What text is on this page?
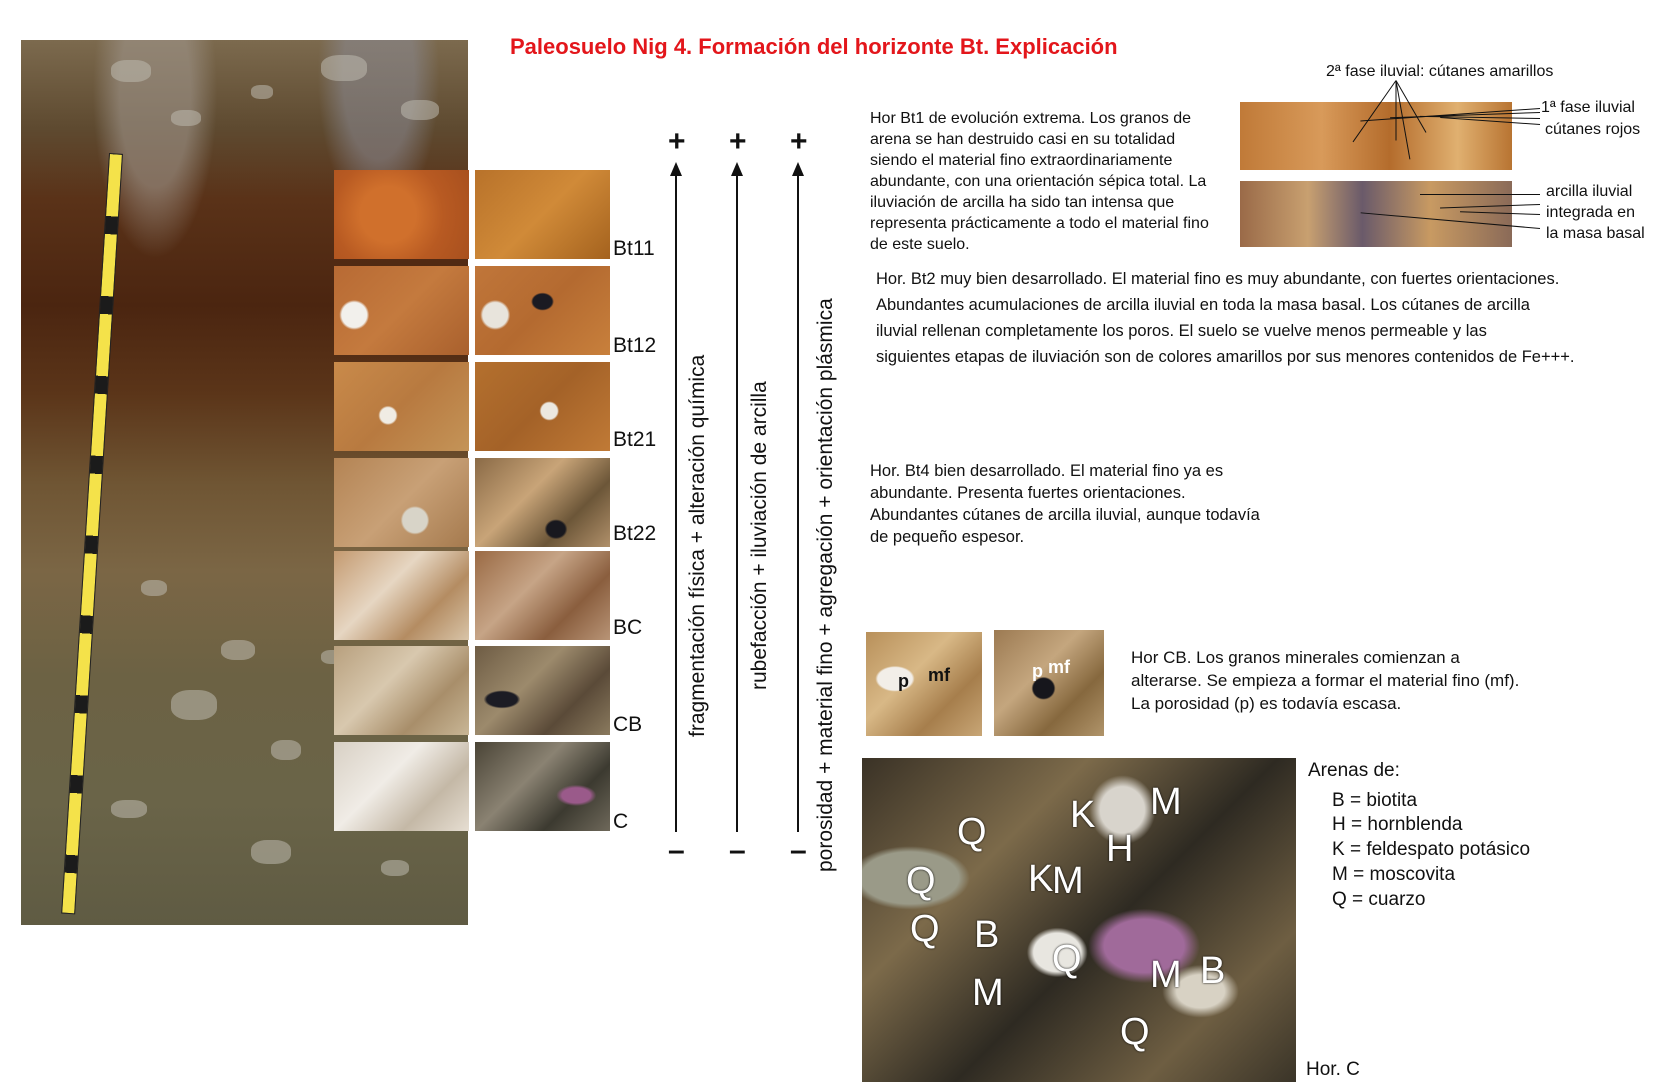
Paleosuelo Nig 4. Formación del horizonte Bt. Explicación
Bt11
Bt12
Bt21
Bt22
BC
CB
C
+
–
fragmentación física + alteración química
+
–
rubefacción + iluviación de arcilla
+
– porosidad + material fino + agregación + orientación plásmica
Hor Bt1 de evolución extrema. Los granos de arena se han destruido casi en su totalidad siendo el material fino extraordinariamente abundante, con una orientación sépica total. La iluviación de arcilla ha sido tan intensa que representa prácticamente a todo el material fino de este suelo.
2ª fase iluvial: cútanes amarillos
1ª fase iluvial
cútanes rojos
arcilla iluvial
integrada en
la masa basal
Hor. Bt2 muy bien desarrollado. El material fino es muy abundante, con fuertes orientaciones.
Abundantes acumulaciones de arcilla iluvial en toda la masa basal. Los cútanes de arcilla
iluvial rellenan completamente los poros. El suelo se vuelve menos permeable y las
siguientes etapas de iluviación son de colores amarillos por sus menores contenidos de Fe+++.
Hor. Bt4 bien desarrollado. El material fino ya es abundante. Presenta fuertes orientaciones. Abundantes cútanes de arcilla iluvial, aunque todavía de pequeño espesor.
p mf	p mf	Hor CB. Los granos minerales comienzan a alterarse. Se empieza a formar el material fino (mf). La porosidad (p) es todavía escasa.
Q K M
H
K
M
Q
Q B
Q
M
B
M
Q
Arenas de:
B = biotita
H = hornblenda
K = feldespato potásico
M = moscovita
Q = cuarzo
Hor. C
